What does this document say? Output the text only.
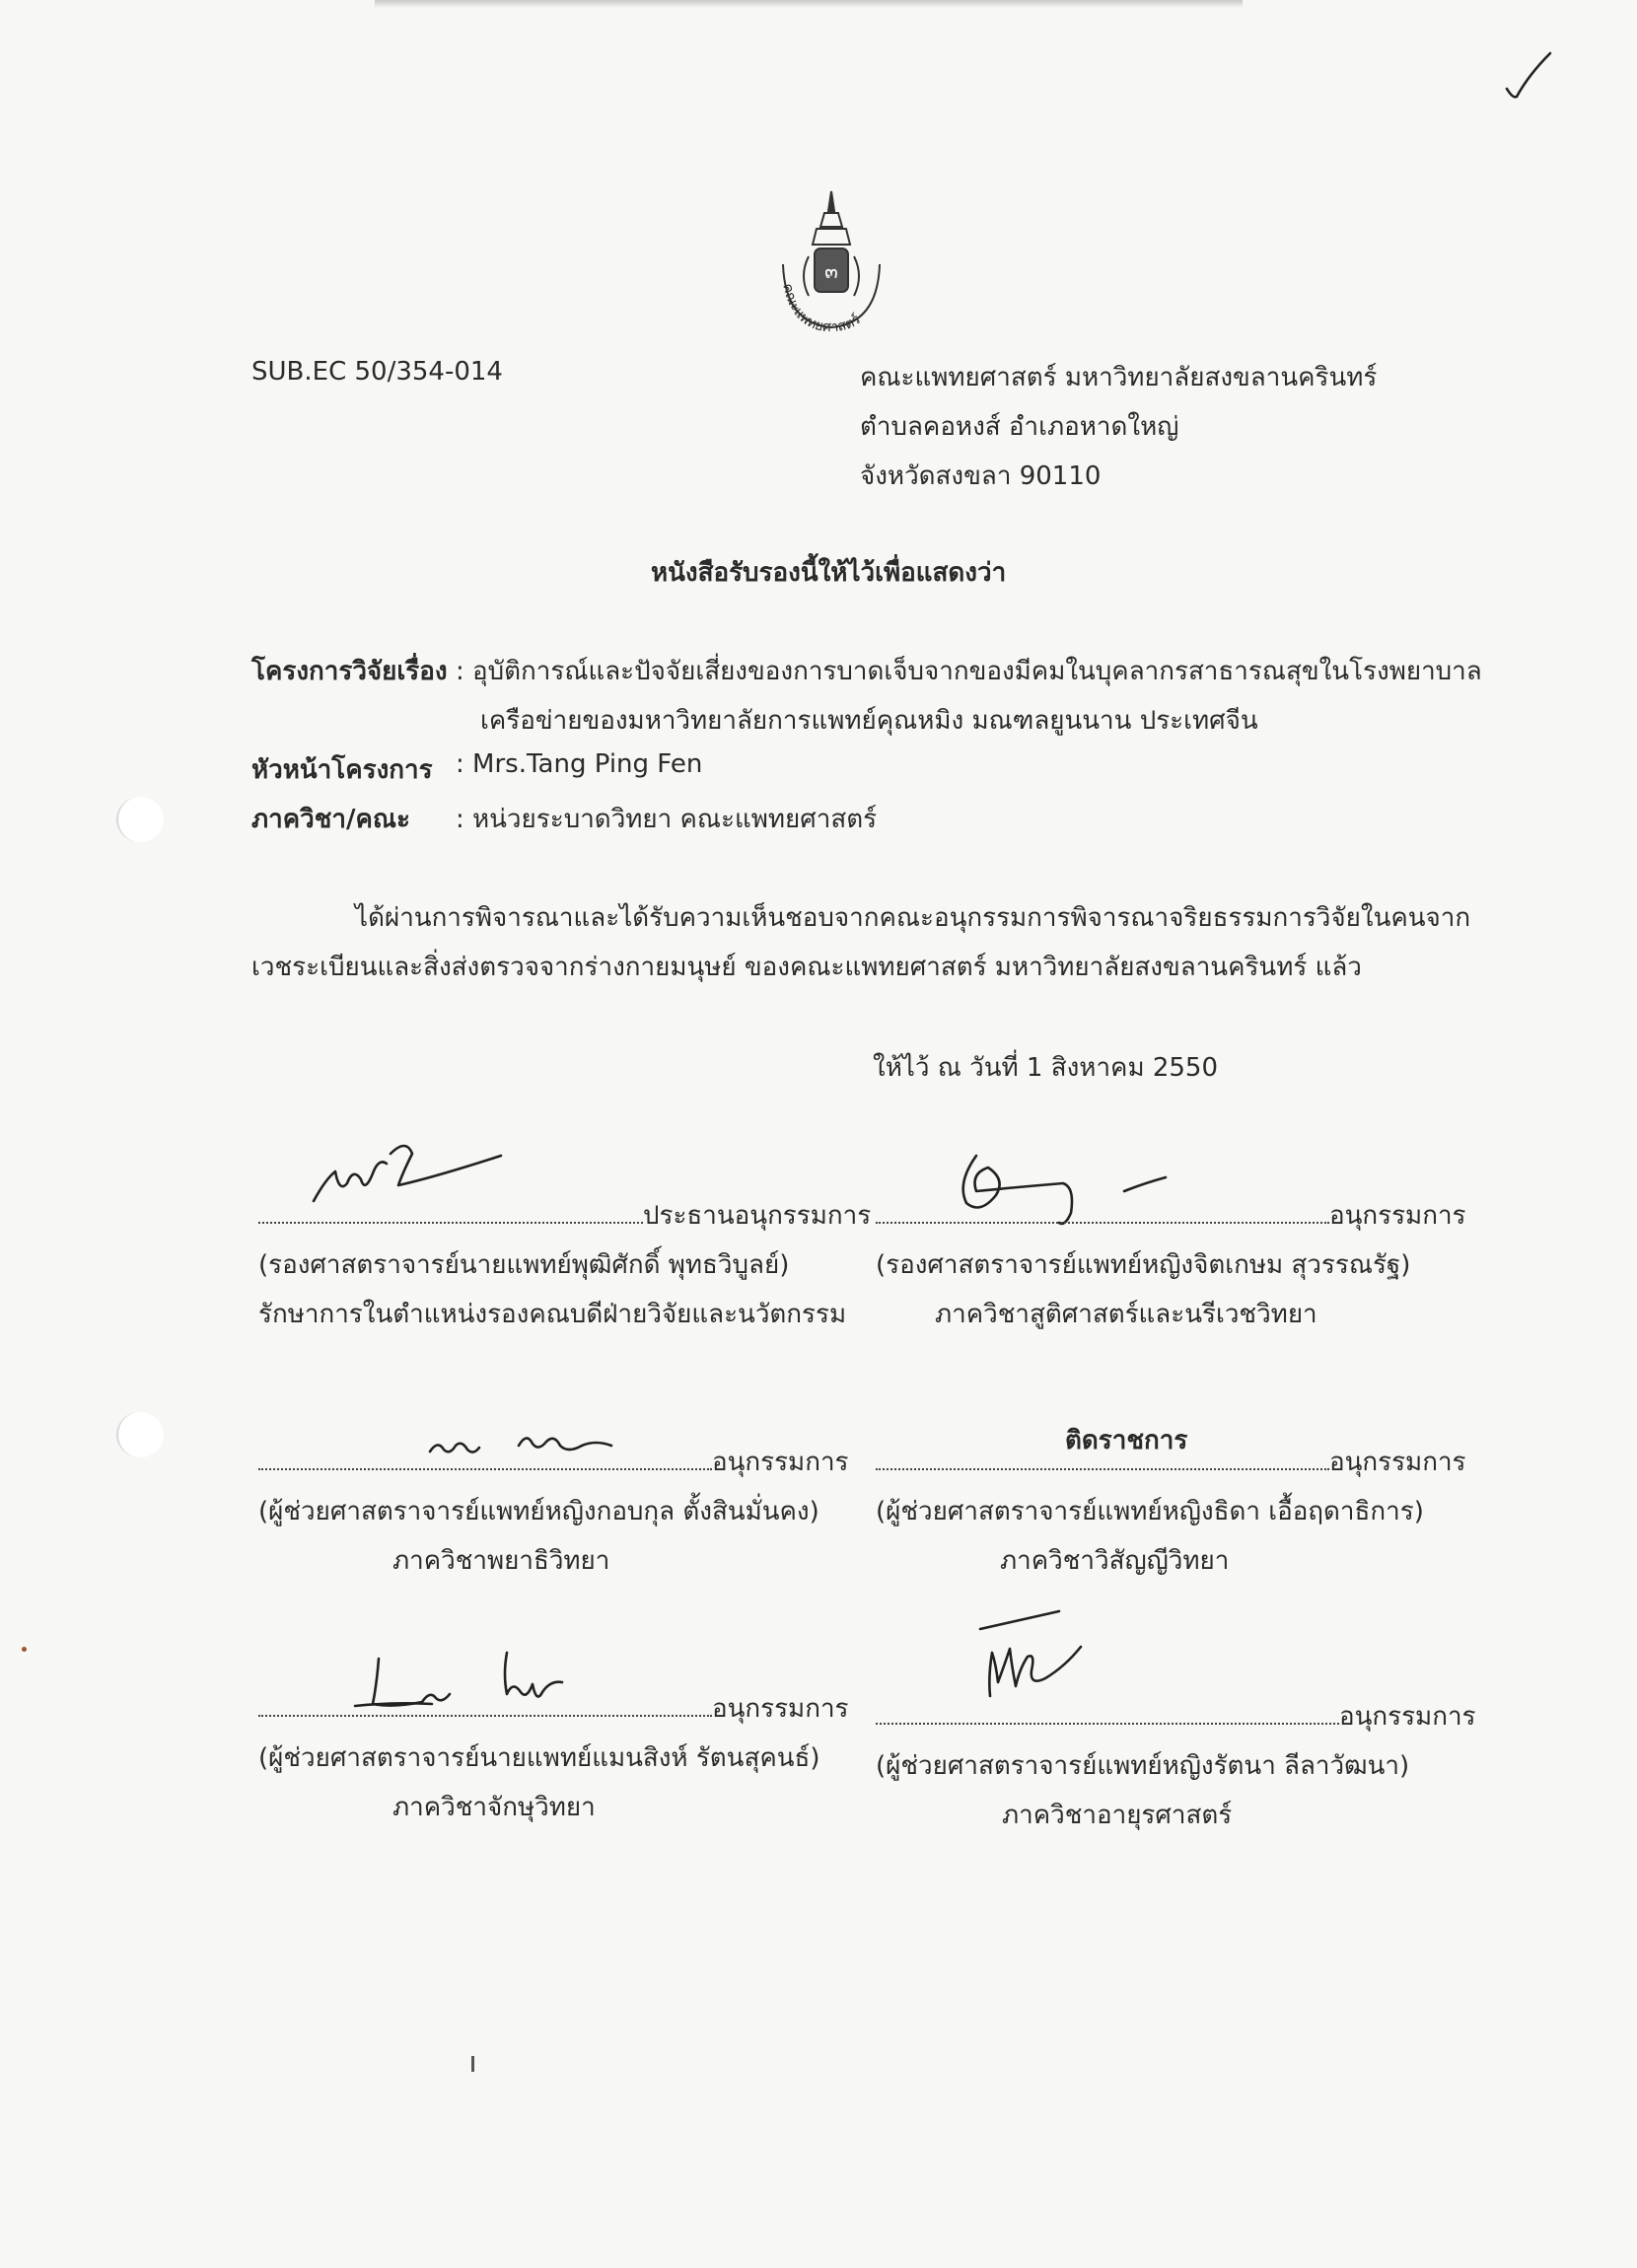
๓
คณะแพทยศาสตร์
SUB.EC 50/354-014	คณะแพทยศาสตร์ มหาวิทยาลัยสงขลานครินทร์
ตำบลคอหงส์ อำเภอหาดใหญ่
จังหวัดสงขลา 90110
หนังสือรับรองนี้ให้ไว้เพื่อแสดงว่า
โครงการวิจัยเรื่อง : อุบัติการณ์และปัจจัยเสี่ยงของการบาดเจ็บจากของมีคมในบุคลากรสาธารณสุขในโรงพยาบาล
เครือข่ายของมหาวิทยาลัยการแพทย์คุณหมิง มณฑลยูนนาน ประเทศจีน
หัวหน้าโครงการ : Mrs.Tang Ping Fen
ภาควิชา/คณะ : หน่วยระบาดวิทยา คณะแพทยศาสตร์
ได้ผ่านการพิจารณาและได้รับความเห็นชอบจากคณะอนุกรรมการพิจารณาจริยธรรมการวิจัยในคนจาก
เวชระเบียนและสิ่งส่งตรวจจากร่างกายมนุษย์ ของคณะแพทยศาสตร์ มหาวิทยาลัยสงขลานครินทร์ แล้ว
ให้ไว้ ณ วันที่ 1 สิงหาคม 2550
ประธานอนุกรรมการ
(รองศาสตราจารย์นายแพทย์พุฒิศักดิ์ พุทธวิบูลย์)
รักษาการในตำแหน่งรองคณบดีฝ่ายวิจัยและนวัตกรรม
อนุกรรมการ
(รองศาสตราจารย์แพทย์หญิงจิตเกษม สุวรรณรัฐ)
ภาควิชาสูติศาสตร์และนรีเวชวิทยา
อนุกรรมการ
(ผู้ช่วยศาสตราจารย์แพทย์หญิงกอบกุล ตั้งสินมั่นคง)
ภาควิชาพยาธิวิทยา
ติดราชการ
อนุกรรมการ
(ผู้ช่วยศาสตราจารย์แพทย์หญิงธิดา เอื้อฤดาธิการ)
ภาควิชาวิสัญญีวิทยา
อนุกรรมการ
(ผู้ช่วยศาสตราจารย์นายแพทย์แมนสิงห์ รัตนสุคนธ์)
ภาควิชาจักษุวิทยา
อนุกรรมการ
(ผู้ช่วยศาสตราจารย์แพทย์หญิงรัตนา ลีลาวัฒนา)
ภาควิชาอายุรศาสตร์
